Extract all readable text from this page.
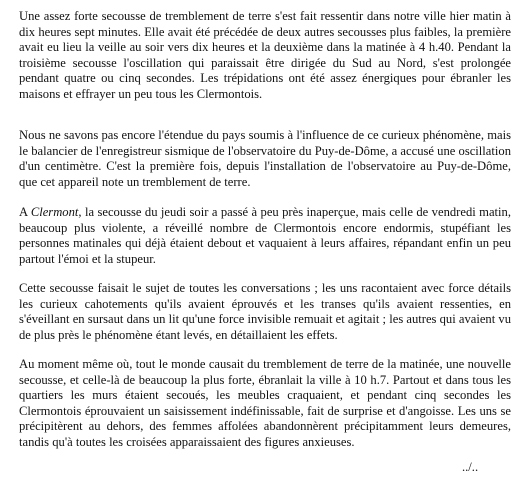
Une assez forte secousse de tremblement de terre s'est fait ressentir dans notre ville hier matin à dix heures sept minutes. Elle avait été précédée de deux autres secousses plus faibles, la première avait eu lieu la veille au soir vers dix heures et la deuxième dans la matinée à 4 h.40. Pendant la troisième secousse l'oscillation qui paraissait être dirigée du Sud au Nord, s'est prolongée pendant quatre ou cinq secondes. Les trépidations ont été assez énergiques pour ébranler les maisons et effrayer un peu tous les Clermontois.

Nous ne savons pas encore l'étendue du pays soumis à l'influence de ce curieux phénomène, mais le balancier de l'enregistreur sismique de l'observatoire du Puy-de-Dôme, a accusé une oscillation d'un centimètre. C'est la première fois, depuis l'installation de l'observatoire au Puy-de-Dôme, que cet appareil note un tremblement de terre.

A Clermont, la secousse du jeudi soir a passé à peu près inaperçue, mais celle de vendredi matin, beaucoup plus violente, a réveillé nombre de Clermontois encore endormis, stupéfiant les personnes matinales qui déjà étaient debout et vaquaient à leurs affaires, répandant enfin un peu partout l'émoi et la stupeur.

Cette secousse faisait le sujet de toutes les conversations ; les uns racontaient avec force détails les curieux cahotements qu'ils avaient éprouvés et les transes qu'ils avaient ressenties, en s'éveillant en sursaut dans un lit qu'une force invisible remuait et agitait ; les autres qui avaient vu de plus près le phénomène étant levés, en détaillaient les effets.

Au moment même où, tout le monde causait du tremblement de terre de la matinée, une nouvelle secousse, et celle-là de beaucoup la plus forte, ébranlait la ville à 10 h.7. Partout et dans tous les quartiers les murs étaient secoués, les meubles craquaient, et pendant cinq secondes les Clermontois éprouvaient un saisissement indéfinissable, fait de surprise et d'angoisse. Les uns se précipitèrent au dehors, des femmes affolées abandonnèrent précipitamment leurs demeures, tandis qu'à toutes les croisées apparaissaient des figures anxieuses.

../..
